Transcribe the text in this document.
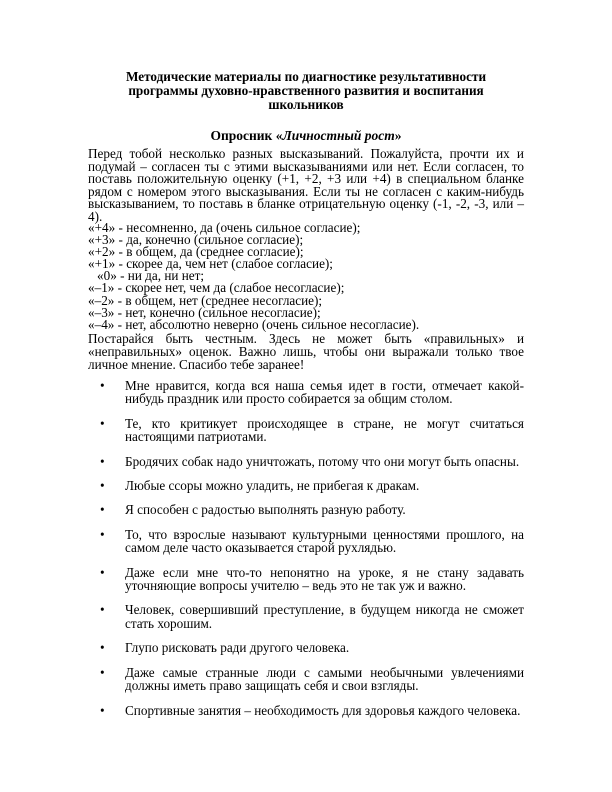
Методические материалы по диагностике результативности программы духовно-нравственного развития и воспитания школьников
Опросник «Личностный рост»
Перед тобой несколько разных высказываний. Пожалуйста, прочти их и подумай – согласен ты с этими высказываниями или нет. Если согласен, то поставь положительную оценку (+1, +2, +3 или +4) в специальном бланке рядом с номером этого высказывания. Если ты не согласен с каким-нибудь высказыванием, то поставь в бланке отрицательную оценку (-1, -2, -3, или –4).
«+4» - несомненно, да (очень сильное согласие);
«+3» - да, конечно (сильное согласие);
«+2» - в общем, да (среднее согласие);
«+1» - скорее да, чем нет (слабое согласие);
«0» - ни да, ни нет;
«–1» - скорее нет, чем да (слабое несогласие);
«–2» - в общем, нет (среднее несогласие);
«–3» - нет, конечно (сильное несогласие);
«–4» - нет, абсолютно неверно (очень сильное несогласие).
Постарайся быть честным. Здесь не может быть «правильных» и «неправильных» оценок. Важно лишь, чтобы они выражали только твое личное мнение. Спасибо тебе заранее!
• Мне нравится, когда вся наша семья идет в гости, отмечает какой-нибудь праздник или просто собирается за общим столом.
• Те, кто критикует происходящее в стране, не могут считаться настоящими патриотами.
• Бродячих собак надо уничтожать, потому что они могут быть опасны.
• Любые ссоры можно уладить, не прибегая к дракам.
• Я способен с радостью выполнять разную работу.
• То, что взрослые называют культурными ценностями прошлого, на самом деле часто оказывается старой рухлядью.
• Даже если мне что-то непонятно на уроке, я не стану задавать уточняющие вопросы учителю – ведь это не так уж и важно.
• Человек, совершивший преступление, в будущем никогда не сможет стать хорошим.
• Глупо рисковать ради другого человека.
• Даже самые странные люди с самыми необычными увлечениями должны иметь право защищать себя и свои взгляды.
• Спортивные занятия – необходимость для здоровья каждого человека.
